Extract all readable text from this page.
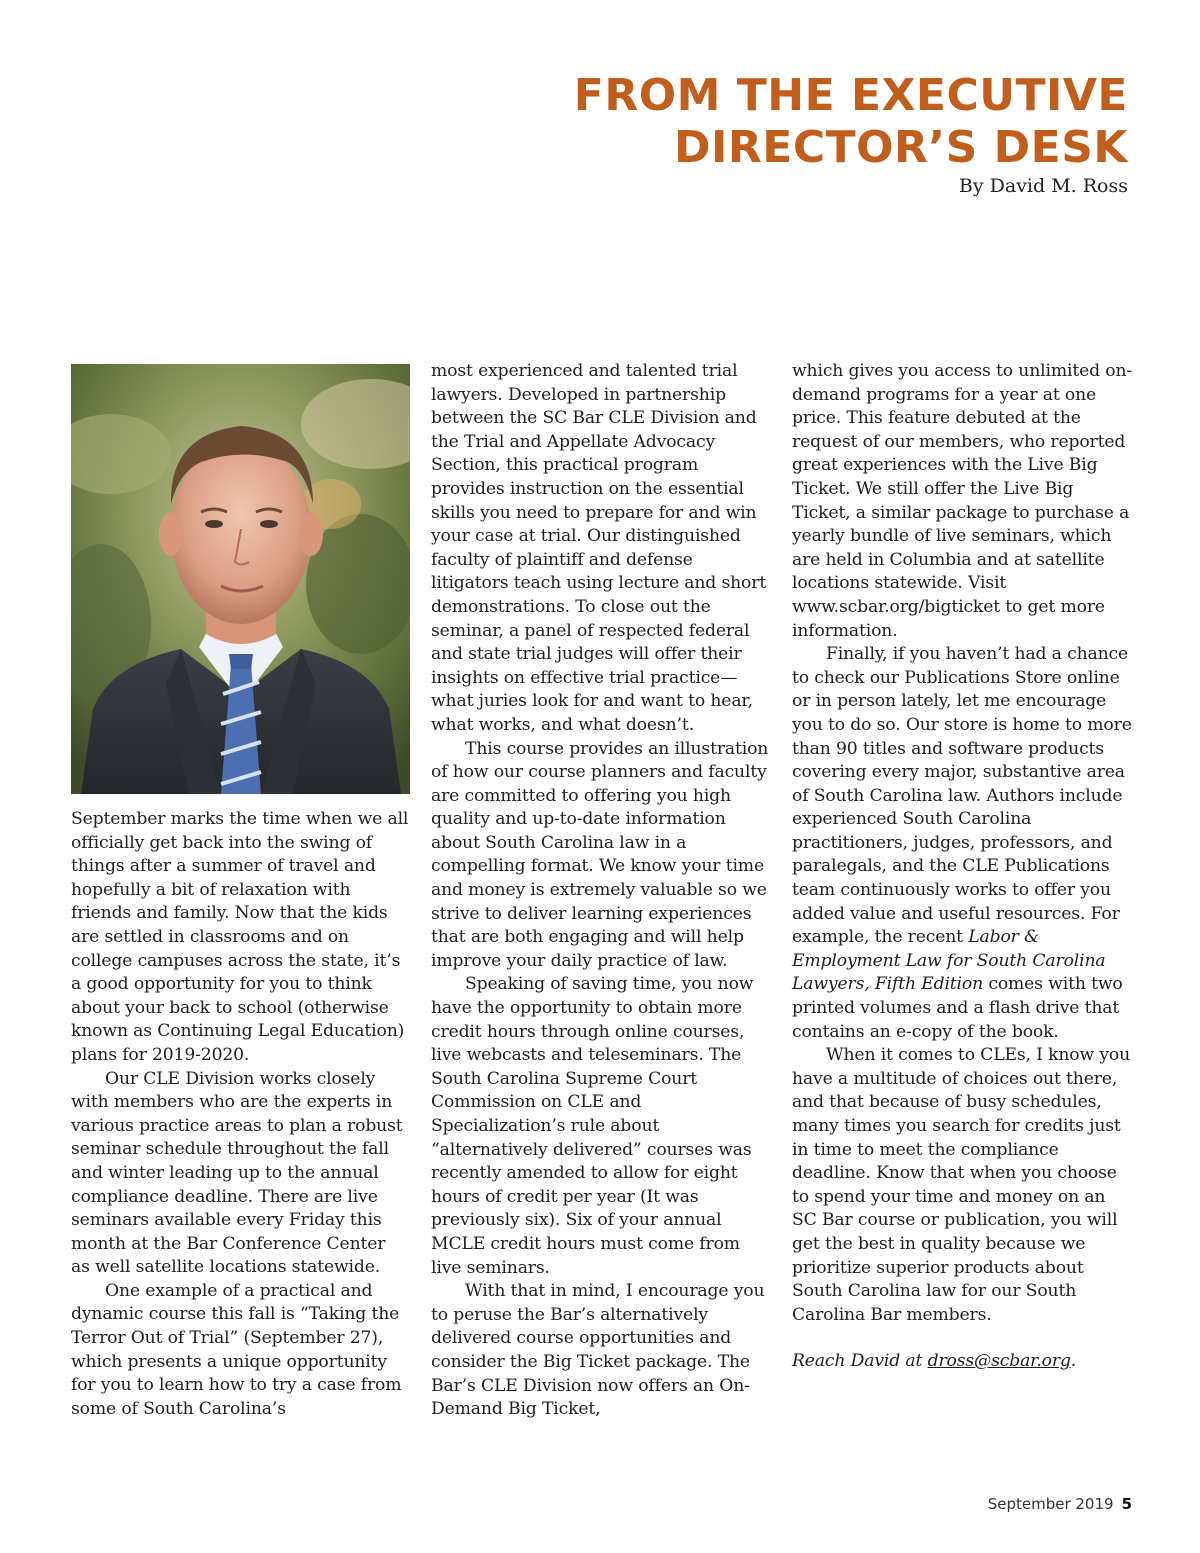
FROM THE EXECUTIVE
DIRECTOR’S DESK
By David M. Ross

September marks the time when we all officially get back into the swing of things after a summer of travel and hopefully a bit of relaxation with friends and family. Now that the kids are settled in classrooms and on college campuses across the state, it’s a good opportunity for you to think about your back to school (otherwise known as Continuing Legal Education) plans for 2019-2020.

Our CLE Division works closely with members who are the experts in various practice areas to plan a robust seminar schedule throughout the fall and winter leading up to the annual compliance deadline. There are live seminars available every Friday this month at the Bar Conference Center as well satellite locations statewide.

One example of a practical and dynamic course this fall is “Taking the Terror Out of Trial” (September 27), which presents a unique opportunity for you to learn how to try a case from some of South Carolina’s

most experienced and talented trial lawyers. Developed in partnership between the SC Bar CLE Division and the Trial and Appellate Advocacy Section, this practical program provides instruction on the essential skills you need to prepare for and win your case at trial. Our distinguished faculty of plaintiff and defense litigators teach using lecture and short demonstrations. To close out the seminar, a panel of respected federal and state trial judges will offer their insights on effective trial practice—what juries look for and want to hear, what works, and what doesn’t.

This course provides an illustration of how our course planners and faculty are committed to offering you high quality and up-to-date information about South Carolina law in a compelling format. We know your time and money is extremely valuable so we strive to deliver learning experiences that are both engaging and will help improve your daily practice of law.

Speaking of saving time, you now have the opportunity to obtain more credit hours through online courses, live webcasts and teleseminars. The South Carolina Supreme Court Commission on CLE and Specialization’s rule about “alternatively delivered” courses was recently amended to allow for eight hours of credit per year (It was previously six). Six of your annual MCLE credit hours must come from live seminars.

With that in mind, I encourage you to peruse the Bar’s alternatively delivered course opportunities and consider the Big Ticket package. The Bar’s CLE Division now offers an On-Demand Big Ticket,

which gives you access to unlimited on-demand programs for a year at one price. This feature debuted at the request of our members, who reported great experiences with the Live Big Ticket. We still offer the Live Big Ticket, a similar package to purchase a yearly bundle of live seminars, which are held in Columbia and at satellite locations statewide. Visit www.scbar.org/bigticket to get more information.

Finally, if you haven’t had a chance to check our Publications Store online or in person lately, let me encourage you to do so. Our store is home to more than 90 titles and software products covering every major, substantive area of South Carolina law. Authors include experienced South Carolina practitioners, judges, professors, and paralegals, and the CLE Publications team continuously works to offer you added value and useful resources. For example, the recent Labor & Employment Law for South Carolina Lawyers, Fifth Edition comes with two printed volumes and a flash drive that contains an e-copy of the book.

When it comes to CLEs, I know you have a multitude of choices out there, and that because of busy schedules, many times you search for credits just in time to meet the compliance deadline. Know that when you choose to spend your time and money on an SC Bar course or publication, you will get the best in quality because we prioritize superior products about South Carolina law for our South Carolina Bar members.

Reach David at dross@scbar.org.

September 2019 5
